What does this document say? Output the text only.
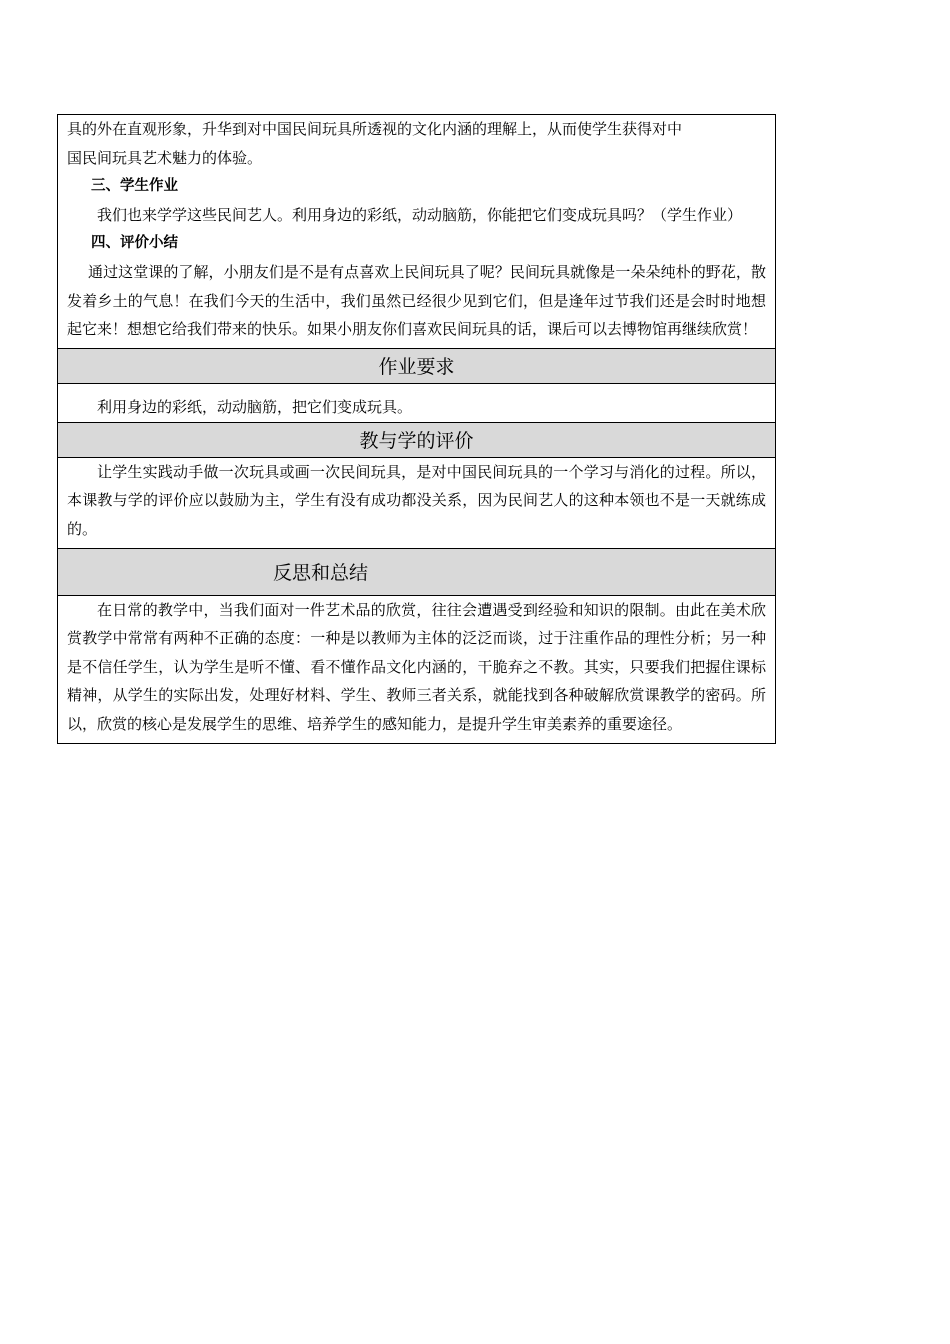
具的外在直观形象，升华到对中国民间玩具所透视的文化内涵的理解上，从而使学生获得对中

国民间玩具艺术魅力的体验。

三、学生作业

我们也来学学这些民间艺人。利用身边的彩纸，动动脑筋，你能把它们变成玩具吗？（学生作业）

四、评价小结

通过这堂课的了解，小朋友们是不是有点喜欢上民间玩具了呢？民间玩具就像是一朵朵纯朴的野花，散发着乡土的气息！在我们今天的生活中，我们虽然已经很少见到它们，但是逢年过节我们还是会时时地想起它来！想想它给我们带来的快乐。如果小朋友你们喜欢民间玩具的话，课后可以去博物馆再继续欣赏！

作业要求

利用身边的彩纸，动动脑筋，把它们变成玩具。

教与学的评价

让学生实践动手做一次玩具或画一次民间玩具，是对中国民间玩具的一个学习与消化的过程。所以，本课教与学的评价应以鼓励为主，学生有没有成功都没关系，因为民间艺人的这种本领也不是一天就练成的。

反思和总结

在日常的教学中，当我们面对一件艺术品的欣赏，往往会遭遇受到经验和知识的限制。由此在美术欣赏教学中常常有两种不正确的态度：一种是以教师为主体的泛泛而谈，过于注重作品的理性分析；另一种是不信任学生，认为学生是听不懂、看不懂作品文化内涵的，干脆弃之不教。其实，只要我们把握住课标精神，从学生的实际出发，处理好材料、学生、教师三者关系，就能找到各种破解欣赏课教学的密码。所以，欣赏的核心是发展学生的思维、培养学生的感知能力，是提升学生审美素养的重要途径。
